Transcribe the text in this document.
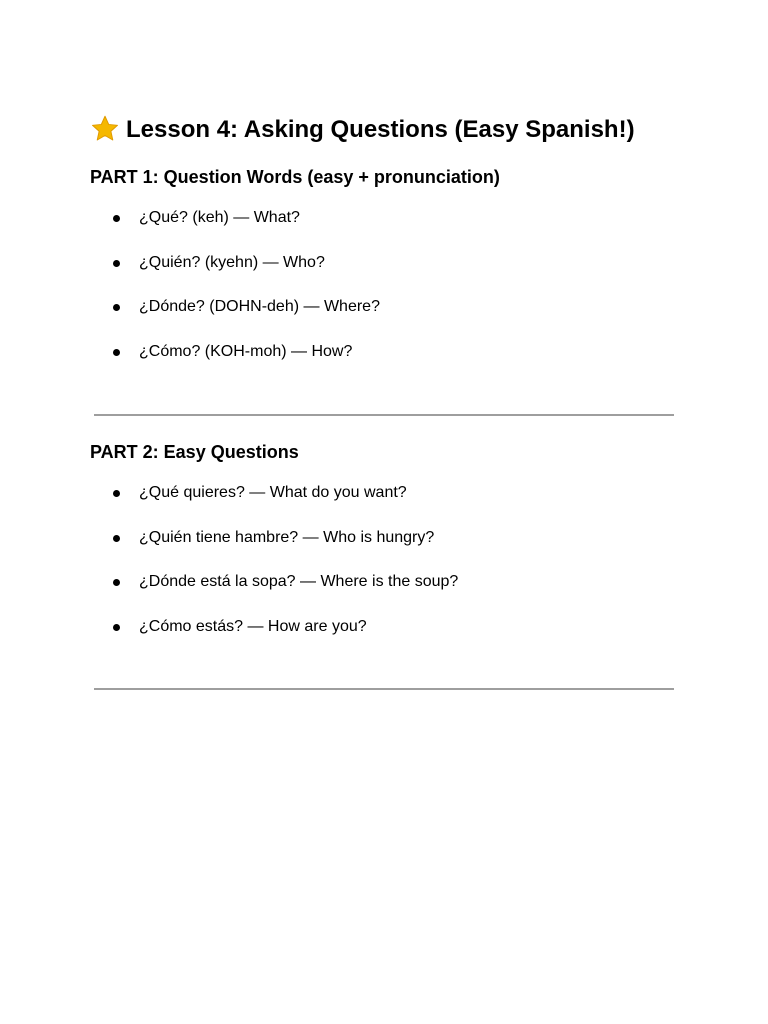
Lesson 4: Asking Questions (Easy Spanish!)
PART 1: Question Words (easy + pronunciation)
¿Qué? (keh) — What?
¿Quién? (kyehn) — Who?
¿Dónde? (DOHN-deh) — Where?
¿Cómo? (KOH-moh) — How?
PART 2: Easy Questions
¿Qué quieres? — What do you want?
¿Quién tiene hambre? — Who is hungry?
¿Dónde está la sopa? — Where is the soup?
¿Cómo estás? — How are you?
